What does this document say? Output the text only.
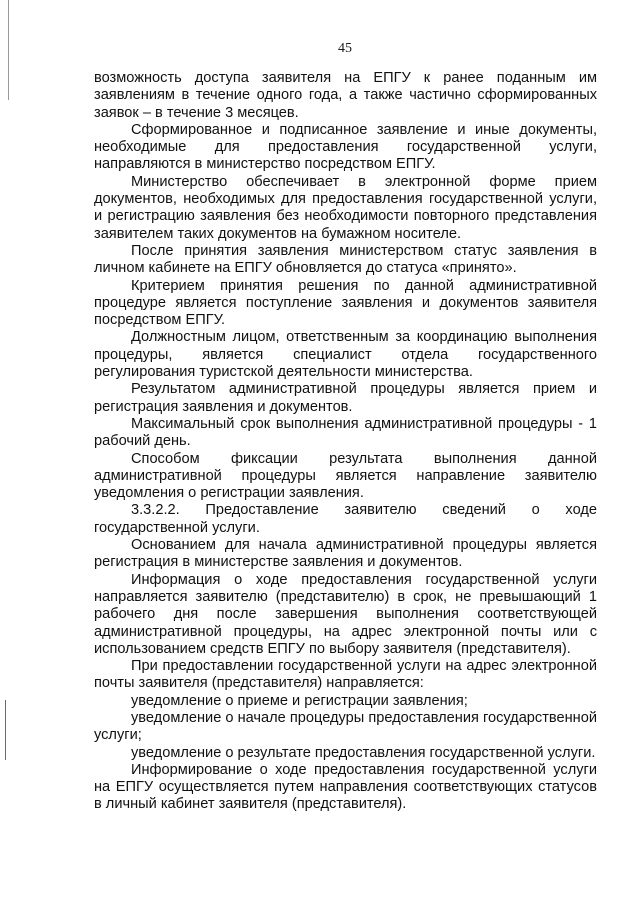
45

возможность доступа заявителя на ЕПГУ к ранее поданным им заявлениям в течение одного года, а также частично сформированных заявок – в течение 3 месяцев.

Сформированное и подписанное заявление и иные документы, необходимые для предоставления государственной услуги, направляются в министерство посредством ЕПГУ.

Министерство обеспечивает в электронной форме прием документов, необходимых для предоставления государственной услуги, и регистрацию заявления без необходимости повторного представления заявителем таких документов на бумажном носителе.

После принятия заявления министерством статус заявления в личном кабинете на ЕПГУ обновляется до статуса «принято».

Критерием принятия решения по данной административной процедуре является поступление заявления и документов заявителя посредством ЕПГУ.

Должностным лицом, ответственным за координацию выполнения процедуры, является специалист отдела государственного регулирования туристской деятельности министерства.

Результатом административной процедуры является прием и регистрация заявления и документов.

Максимальный срок выполнения административной процедуры - 1 рабочий день.

Способом фиксации результата выполнения данной административной процедуры является направление заявителю уведомления о регистрации заявления.

3.3.2.2. Предоставление заявителю сведений о ходе государственной услуги.

Основанием для начала административной процедуры является регистрация в министерстве заявления и документов.

Информация о ходе предоставления государственной услуги направляется заявителю (представителю) в срок, не превышающий 1 рабочего дня после завершения выполнения соответствующей административной процедуры, на адрес электронной почты или с использованием средств ЕПГУ по выбору заявителя (представителя).

При предоставлении государственной услуги на адрес электронной почты заявителя (представителя) направляется:

уведомление о приеме и регистрации заявления;

уведомление о начале процедуры предоставления государственной услуги;

уведомление о результате предоставления государственной услуги.

Информирование о ходе предоставления государственной услуги на ЕПГУ осуществляется путем направления соответствующих статусов в личный кабинет заявителя (представителя).
